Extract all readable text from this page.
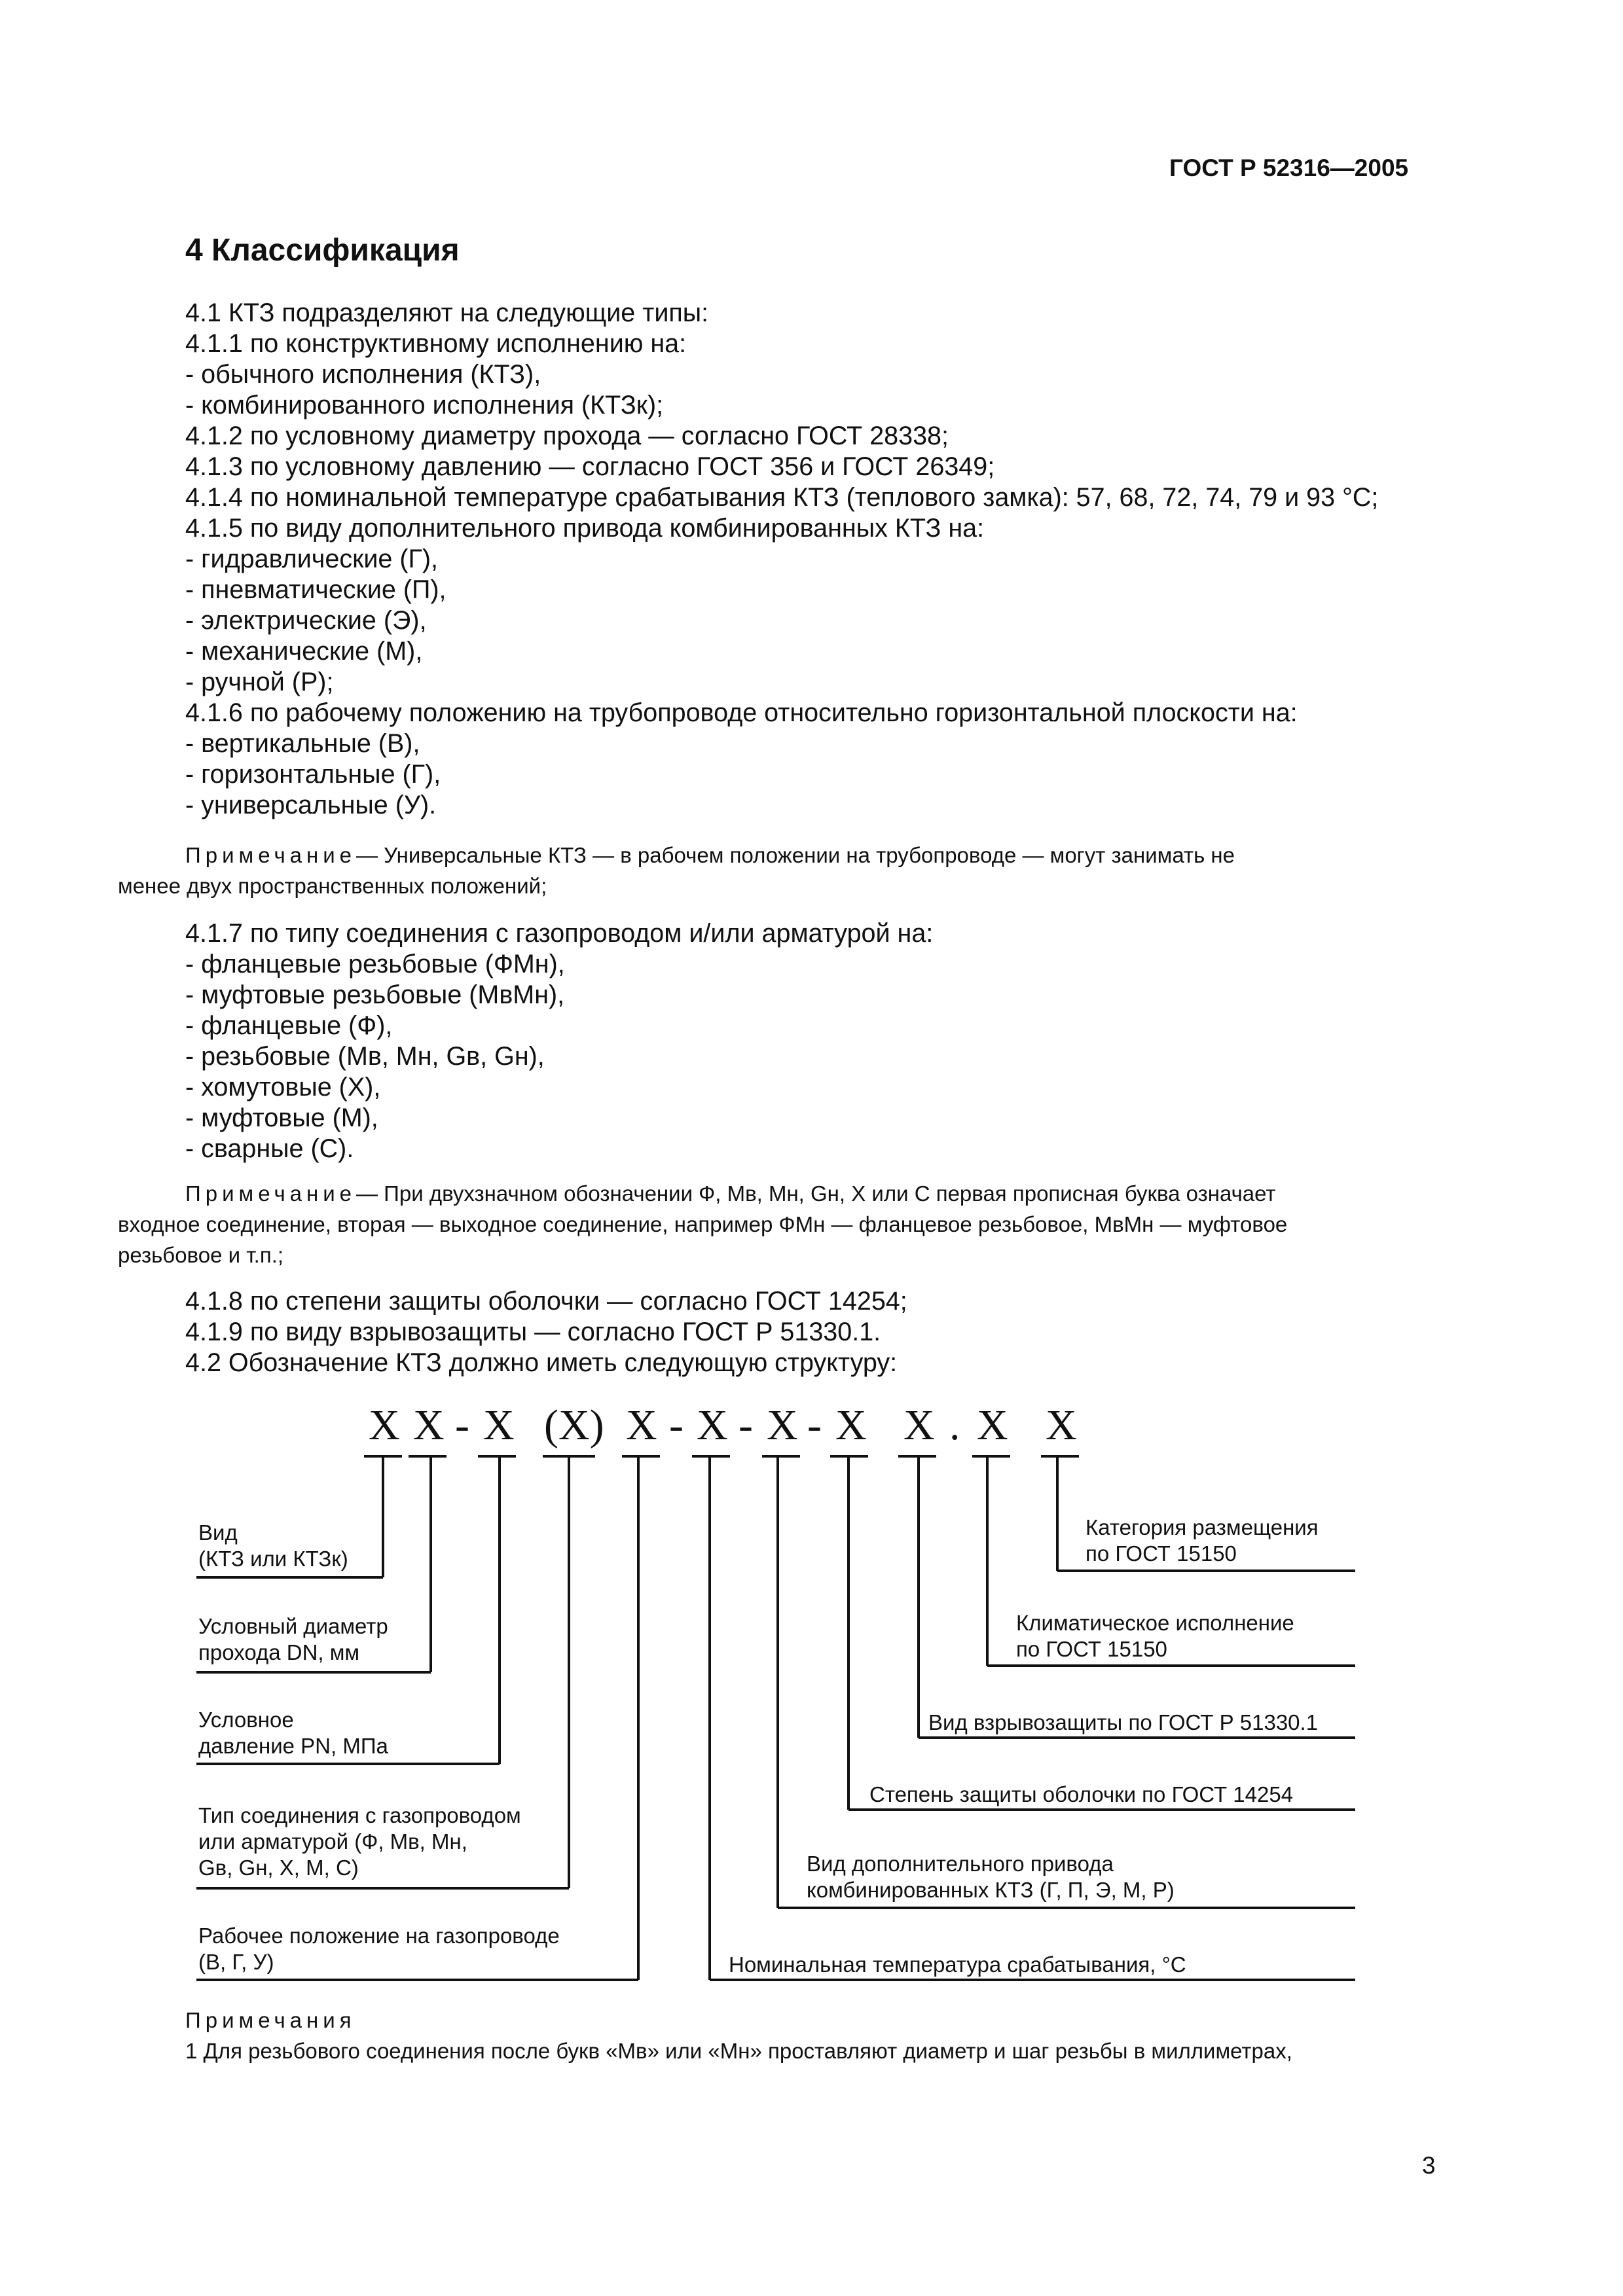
ГОСТ Р 52316—2005
4 Классификация
4.1 КТЗ подразделяют на следующие типы:
4.1.1 по конструктивному исполнению на:
- обычного исполнения (КТЗ),
- комбинированного исполнения (КТЗк);
4.1.2 по условному диаметру прохода — согласно ГОСТ 28338;
4.1.3 по условному давлению — согласно ГОСТ 356 и ГОСТ 26349;
4.1.4 по номинальной температуре срабатывания КТЗ (теплового замка): 57, 68, 72, 74, 79 и 93 °С;
4.1.5 по виду дополнительного привода комбинированных КТЗ на:
- гидравлические (Г),
- пневматические (П),
- электрические (Э),
- механические (М),
- ручной (Р);
4.1.6 по рабочему положению на трубопроводе относительно горизонтальной плоскости на:
- вертикальные (В),
- горизонтальные (Г),
- универсальные (У).
Примечание— Универсальные КТЗ — в рабочем положении на трубопроводе — могут занимать не
менее двух пространственных положений;
4.1.7 по типу соединения с газопроводом и/или арматурой на:
- фланцевые резьбовые (ФМн),
- муфтовые резьбовые (МвМн),
- фланцевые (Ф),
- резьбовые (Мв, Мн, Gв, Gн),
- хомутовые (Х),
- муфтовые (М),
- сварные (С).
Примечание— При двухзначном обозначении Ф, Мв, Мн, Gн, Х или С первая прописная буква означает
входное соединение, вторая — выходное соединение, например ФМн — фланцевое резьбовое, МвМн — муфтовое
резьбовое и т.п.;
4.1.8 по степени защиты оболочки — согласно ГОСТ 14254;
4.1.9 по виду взрывозащиты — согласно ГОСТ Р 51330.1.
4.2 Обозначение КТЗ должно иметь следующую структуру:
X X - X (X) X - X - X - X X . X X
Вид
(КТЗ или КТЗк)
Условный диаметр
прохода DN, мм
Условное
давление PN, МПа
Тип соединения с газопроводом
или арматурой (Ф, Мв, Мн,
Gв, Gн, Х, М, С)
Рабочее положение на газопроводе
(В, Г, У)
Категория размещения
по ГОСТ 15150
Климатическое исполнение
по ГОСТ 15150
Вид взрывозащиты по ГОСТ Р 51330.1
Степень защиты оболочки по ГОСТ 14254
Вид дополнительного привода
комбинированных КТЗ (Г, П, Э, М, Р)
Номинальная температура срабатывания, °С
Примечания
1 Для резьбового соединения после букв «Мв» или «Мн» проставляют диаметр и шаг резьбы в миллиметрах,
3
